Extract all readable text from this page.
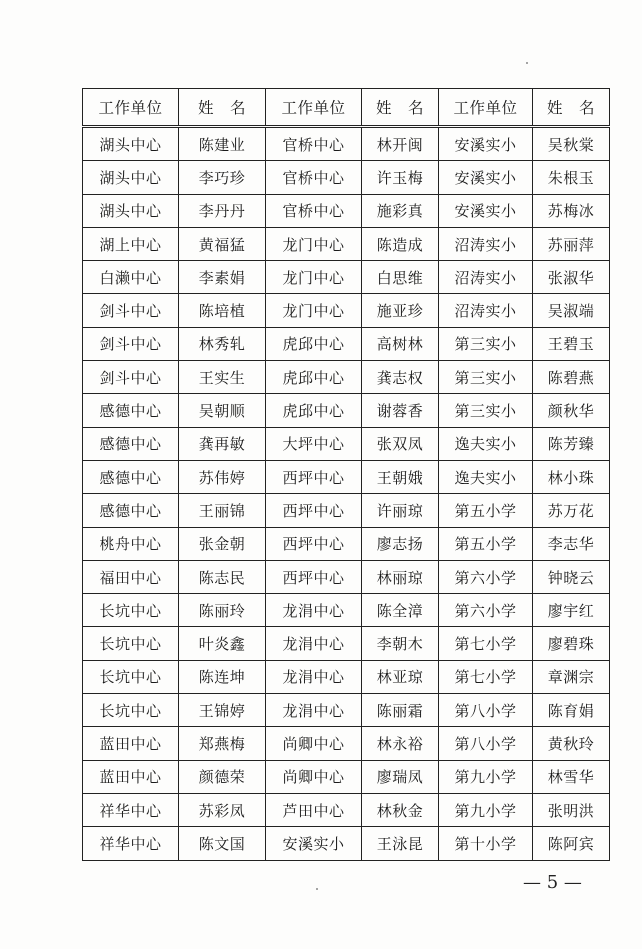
工作单位	姓　名	工作单位	姓　名	工作单位	姓　名
湖头中心	陈建业	官桥中心	林开闽	安溪实小	吴秋棠
湖头中心	李巧珍	官桥中心	许玉梅	安溪实小	朱根玉
湖头中心	李丹丹	官桥中心	施彩真	安溪实小	苏梅冰
湖上中心	黄福猛	龙门中心	陈造成	沼涛实小	苏丽萍
白濑中心	李素娟	龙门中心	白思维	沼涛实小	张淑华
剑斗中心	陈培植	龙门中心	施亚珍	沼涛实小	吴淑端
剑斗中心	林秀轧	虎邱中心	高树林	第三实小	王碧玉
剑斗中心	王实生	虎邱中心	龚志权	第三实小	陈碧燕
感德中心	吴朝顺	虎邱中心	谢蓉香	第三实小	颜秋华
感德中心	龚再敏	大坪中心	张双凤	逸夫实小	陈芳臻
感德中心	苏伟婷	西坪中心	王朝娥	逸夫实小	林小珠
感德中心	王丽锦	西坪中心	许丽琼	第五小学	苏万花
桃舟中心	张金朝	西坪中心	廖志扬	第五小学	李志华
福田中心	陈志民	西坪中心	林丽琼	第六小学	钟晓云
长坑中心	陈丽玲	龙涓中心	陈全漳	第六小学	廖宇红
长坑中心	叶炎鑫	龙涓中心	李朝木	第七小学	廖碧珠
长坑中心	陈连坤	龙涓中心	林亚琼	第七小学	章渊宗
长坑中心	王锦婷	龙涓中心	陈丽霜	第八小学	陈育娟
蓝田中心	郑燕梅	尚卿中心	林永裕	第八小学	黄秋玲
蓝田中心	颜德荣	尚卿中心	廖瑞凤	第九小学	林雪华
祥华中心	苏彩凤	芦田中心	林秋金	第九小学	张明洪
祥华中心	陈文国	安溪实小	王泳昆	第十小学	陈阿宾
— 5 —
